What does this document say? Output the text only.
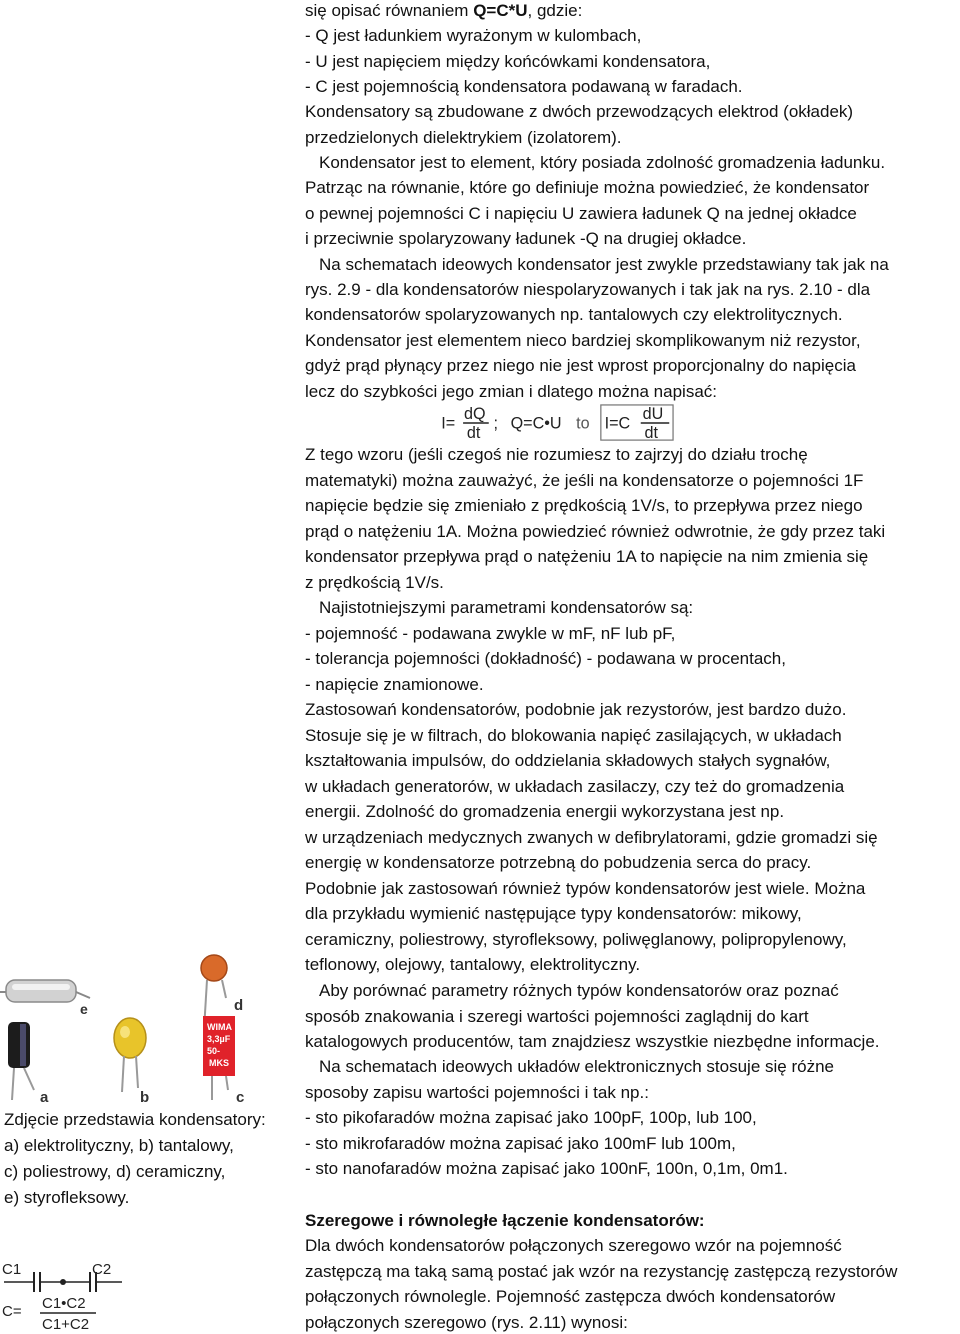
się opisać równaniem Q=C*U, gdzie:
- Q jest ładunkiem wyrażonym w kulombach,
- U jest napięciem między końcówkami kondensatora,
- C jest pojemnością kondensatora podawaną w faradach.
Kondensatory są zbudowane z dwóch przewodzących elektrod (okładek)
przedzielonych dielektrykiem (izolatorem).
Kondensator jest to element, który posiada zdolność gromadzenia ładunku.
Patrząc na równanie, które go definiuje można powiedzieć, że kondensator
o pewnej pojemności C i napięciu U zawiera ładunek Q na jednej okładce
i przeciwnie spolaryzowany ładunek -Q na drugiej okładce.
Na schematach ideowych kondensator jest zwykle przedstawiany tak jak na
rys. 2.9 - dla kondensatorów niespolaryzowanych i tak jak na rys. 2.10 - dla
kondensatorów spolaryzowanych np. tantalowych czy elektrolitycznych.
Kondensator jest elementem nieco bardziej skomplikowanym niż rezystor,
gdyż prąd płynący przez niego nie jest wprost proporcjonalny do napięcia
lecz do szybkości jego zmian i dlatego można napisać:
Z tego wzoru (jeśli czegoś nie rozumiesz to zajrzyj do działu trochę
matematyki) można zauważyć, że jeśli na kondensatorze o pojemności 1F
napięcie będzie się zmieniało z prędkością 1V/s, to przepływa przez niego
prąd o natężeniu 1A. Można powiedzieć również odwrotnie, że gdy przez taki
kondensator przepływa prąd o natężeniu 1A to napięcie na nim zmienia się
z prędkością 1V/s.
Najistotniejszymi parametrami kondensatorów są:
- pojemność - podawana zwykle w mF, nF lub pF,
- tolerancja pojemności (dokładność) - podawana w procentach,
- napięcie znamionowe.
Zastosowań kondensatorów, podobnie jak rezystorów, jest bardzo dużo.
Stosuje się je w filtrach, do blokowania napięć zasilających, w układach
kształtowania impulsów, do oddzielania składowych stałych sygnałów,
w układach generatorów, w układach zasilaczy, czy też do gromadzenia
energii. Zdolność do gromadzenia energii wykorzystana jest np.
w urządzeniach medycznych zwanych w defibrylatorami, gdzie gromadzi się
energię w kondensatorze potrzebną do pobudzenia serca do pracy.
Podobnie jak zastosowań również typów kondensatorów jest wiele. Można
dla przykładu wymienić następujące typy kondensatorów: mikowy,
ceramiczny, poliestrowy, styrofleksowy, poliwęglanowy, polipropylenowy,
teflonowy, olejowy, tantalowy, elektrolityczny.
Aby porównać parametry różnych typów kondensatorów oraz poznać
sposób znakowania i szeregi wartości pojemności zaglądnij do kart
katalogowych producentów, tam znajdziesz wszystkie niezbędne informacje.
Na schematach ideowych układów elektronicznych stosuje się różne
sposoby zapisu wartości pojemności i tak np.:
- sto pikofaradów można zapisać jako 100pF, 100p, lub 100,
- sto mikrofaradów można zapisać jako 100mF lub 100m,
- sto nanofaradów można zapisać jako 100nF, 100n, 0,1m, 0m1.
Szeregowe i równoległe łączenie kondensatorów:
Dla dwóch kondensatorów połączonych szeregowo wzór na pojemność
zastępczą ma taką samą postać jak wzór na rezystancję zastępczą rezystorów
połączonych równolegle. Pojemność zastępcza dwóch kondensatorów
połączonych szeregowo (rys. 2.11) wynosi:
I=
dQ
dt
; Q=C•U to I=C
dU
dt
e
a	b
d
WIMA
3,3µF
50-
MKS
c
Zdjęcie przedstawia kondensatory:
a) elektrolityczny, b) tantalowy,
c) poliestrowy, d) ceramiczny,
e) styrofleksowy.
C1	C2
C= C1•C2
C1+C2
